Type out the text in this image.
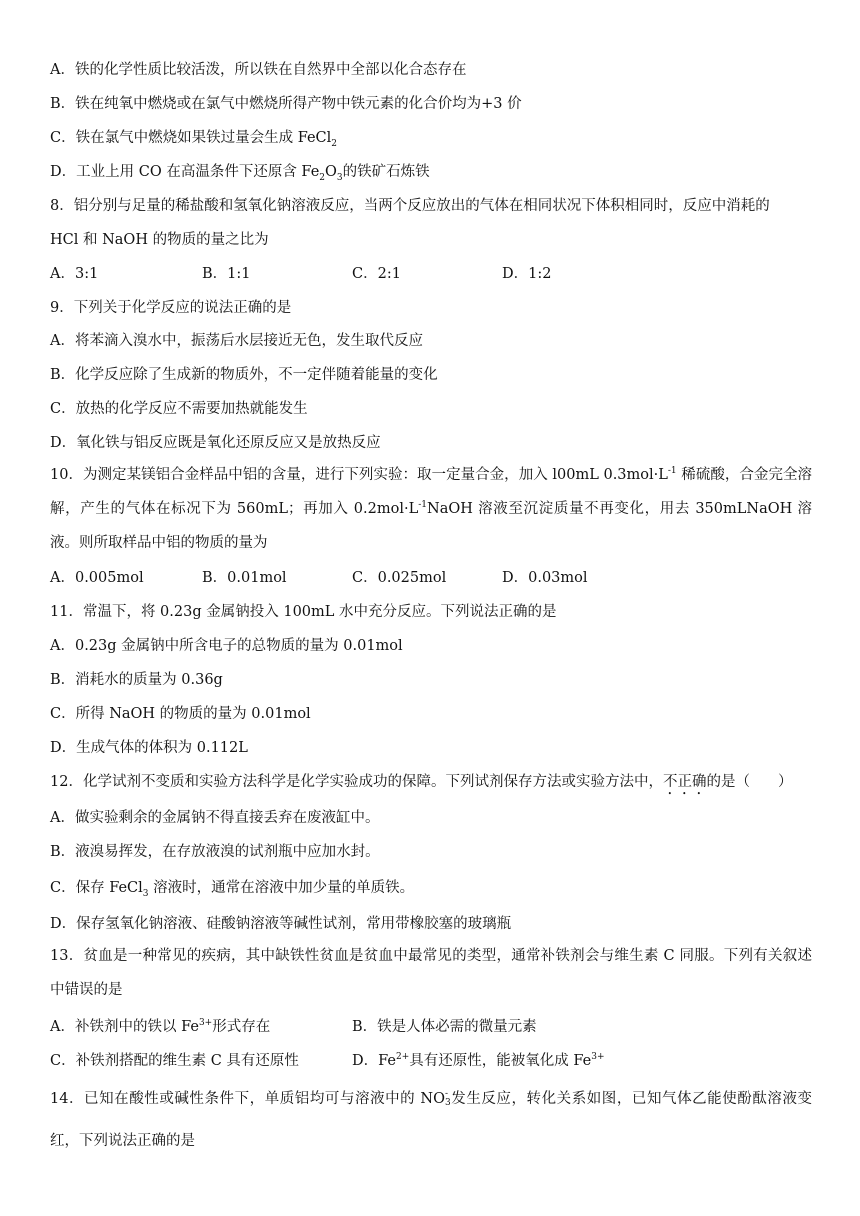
A．铁的化学性质比较活泼，所以铁在自然界中全部以化合态存在
B．铁在纯氧中燃烧或在氯气中燃烧所得产物中铁元素的化合价均为+3 价
C．铁在氯气中燃烧如果铁过量会生成 FeCl$_2$
D．工业上用 CO 在高温条件下还原含 $Fe_2O_3$的铁矿石炼铁
8．铝分别与足量的稀盐酸和氢氧化钠溶液反应，当两个反应放出的气体在相同状况下体积相同时，反应中消耗的
HCl 和 NaOH 的物质的量之比为
A．3:1	B．1:1	C．2:1	D．1:2
9．下列关于化学反应的说法正确的是
A．将苯滴入溴水中，振荡后水层接近无色，发生取代反应
B．化学反应除了生成新的物质外，不一定伴随着能量的变化
C．放热的化学反应不需要加热就能发生
D．氧化铁与铝反应既是氧化还原反应又是放热反应
10．为测定某镁铝合金样品中铝的含量，进行下列实验：取一定量合金，加入 l00mL $0.3mol\cdot L^{-1}$ 稀硫酸，合金完全溶解，产生的气体在标况下为 560mL；再加入 $0.2mol\cdot L^{-1}NaOH$ 溶液至沉淀质量不再变化，用去 350mLNaOH 溶液。则所取样品中铝的物质的量为
A．0.005mol	B．0.01mol	C．0.025mol	D．0.03mol
11．常温下，将 0.23g 金属钠投入 100mL 水中充分反应。下列说法正确的是
A．0.23g 金属钠中所含电子的总物质的量为 0.01mol
B．消耗水的质量为 0.36g
C．所得 NaOH 的物质的量为 0.01mol
D．生成气体的体积为 0.112L
12．化学试剂不变质和实验方法科学是化学实验成功的保障。下列试剂保存方法或实验方法中，不正确的是（ ）
A．做实验剩余的金属钠不得直接丢弃在废液缸中。
B．液溴易挥发，在存放液溴的试剂瓶中应加水封。
C．保存 FeCl$_3$ 溶液时，通常在溶液中加少量的单质铁。
D．保存氢氧化钠溶液、硅酸钠溶液等碱性试剂，常用带橡胶塞的玻璃瓶
13．贫血是一种常见的疾病，其中缺铁性贫血是贫血中最常见的类型，通常补铁剂会与维生素 C 同服。下列有关叙述中错误的是
A．补铁剂中的铁以 $Fe^{3+}$形式存在	B．铁是人体必需的微量元素
C．补铁剂搭配的维生素 C 具有还原性	D．$Fe^{2+}$具有还原性，能被氧化成 $Fe^{3+}$
14．已知在酸性或碱性条件下，单质铝均可与溶液中的 NO -
3 发生反应，转化关系如图，已知气体乙能使酚酞溶液变红，下列说法正确的是
